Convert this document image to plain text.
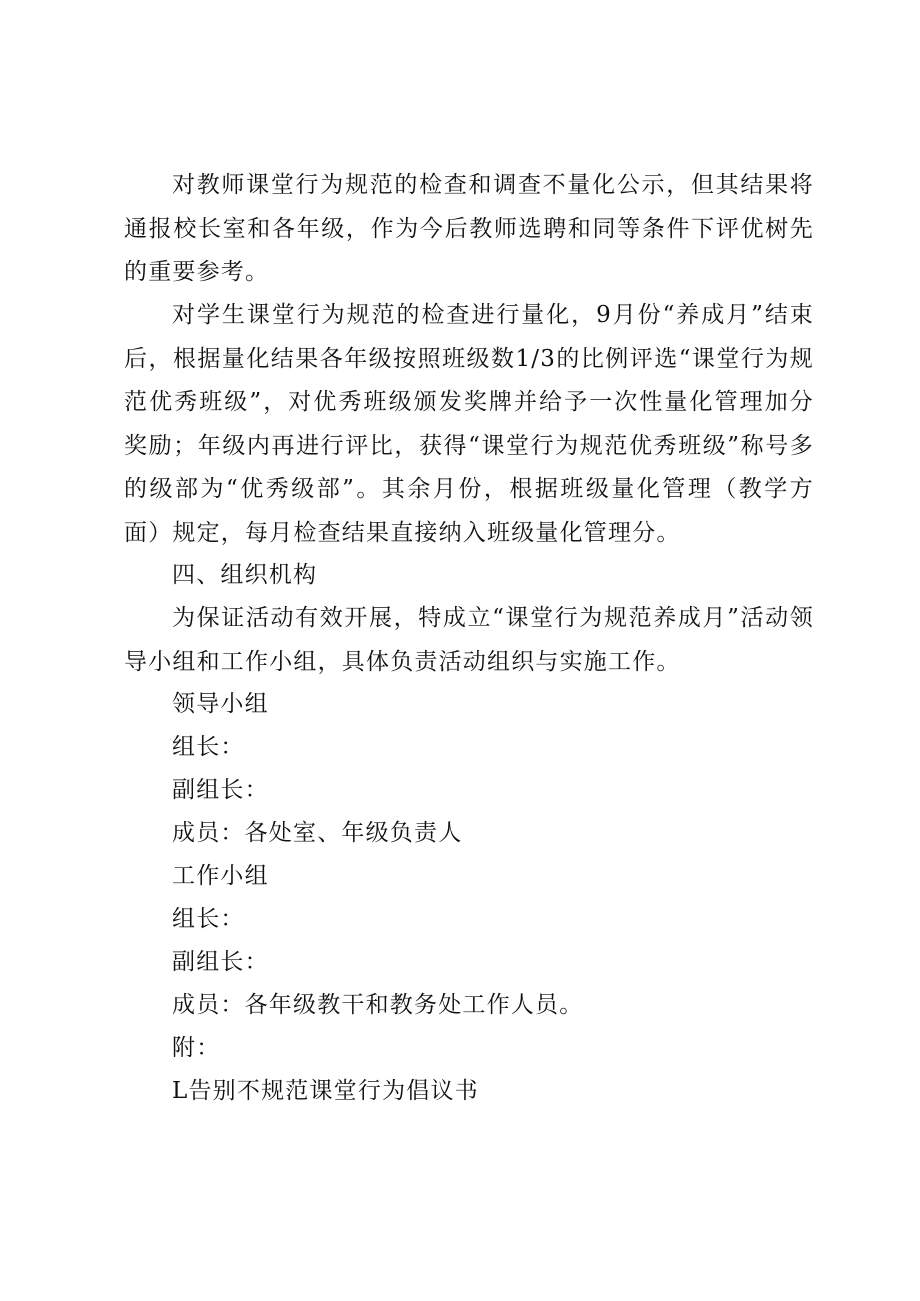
对教师课堂行为规范的检查和调查不量化公示，但其结果将通报校长室和各年级，作为今后教师选聘和同等条件下评优树先的重要参考。

对学生课堂行为规范的检查进行量化，9月份“养成月”结束后，根据量化结果各年级按照班级数1/3的比例评选“课堂行为规范优秀班级”，对优秀班级颁发奖牌并给予一次性量化管理加分奖励；年级内再进行评比，获得“课堂行为规范优秀班级”称号多的级部为“优秀级部”。其余月份，根据班级量化管理（教学方面）规定，每月检查结果直接纳入班级量化管理分。

四、组织机构

为保证活动有效开展，特成立“课堂行为规范养成月”活动领导小组和工作小组，具体负责活动组织与实施工作。

领导小组

组长：

副组长：

成员：各处室、年级负责人

工作小组

组长：

副组长：

成员：各年级教干和教务处工作人员。

附：

L告别不规范课堂行为倡议书
